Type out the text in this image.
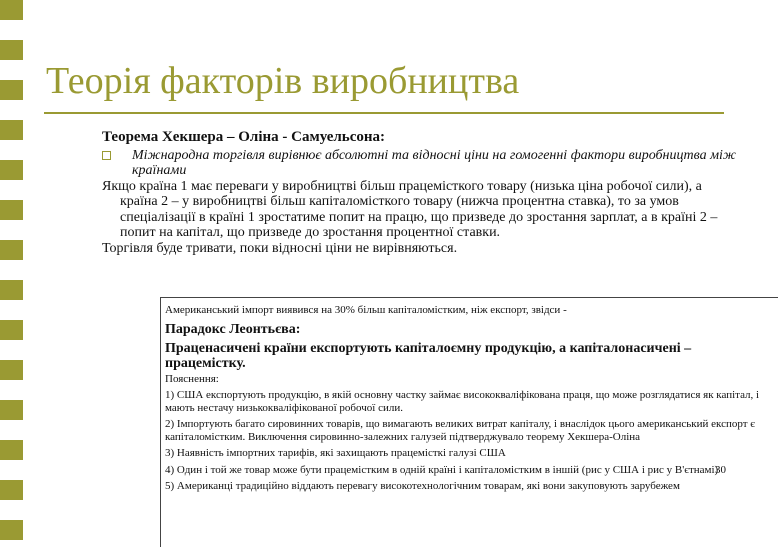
Теорія факторів виробництва

Теорема Хекшера – Оліна - Самуельсона:

Міжнародна торгівля вирівнює абсолютні та відносні ціни на гомогенні фактори виробництва між країнами
Якщо країна 1 має переваги у виробництві більш працемісткого товару (низька ціна робочої сили), а країна 2 – у виробництві більш капіталомісткого товару (нижча процентна ставка), то за умов спеціалізації в країні 1 зростатиме попит на працю, що призведе до зростання зарплат, а в країні 2 – попит на капітал, що призведе до зростання процентної ставки.
Торгівля буде тривати, поки відносні ціни не вирівняються.

Американський імпорт виявився на 30% більш капіталомістким, ніж експорт, звідси -

Парадокс Леонтьєва:

Праценасичені країни експортують капіталоємну продукцію, а капіталонасичені – працемістку.

Пояснення:

1) США експортують продукцію, в якій основну частку займає висококваліфікована праця, що може розглядатися як капітал, і мають нестачу низькокваліфікованої робочої сили.

2) Імпортують багато сировинних товарів, що вимагають великих витрат капіталу, і внаслідок цього американський експорт є капіталомістким. Виключення сировинно-залежних галузей підтверджувало теорему Хекшера-Оліна

3) Наявність імпортних тарифів, які захищають працемісткі галузі США

4) Один і той же товар може бути працемістким в одній країні і капіталомістким в іншій (рис у США і рис у В'єтнамі)
30

5) Американці традиційно віддають перевагу високотехнологічним товарам, які вони закуповують зарубежем
